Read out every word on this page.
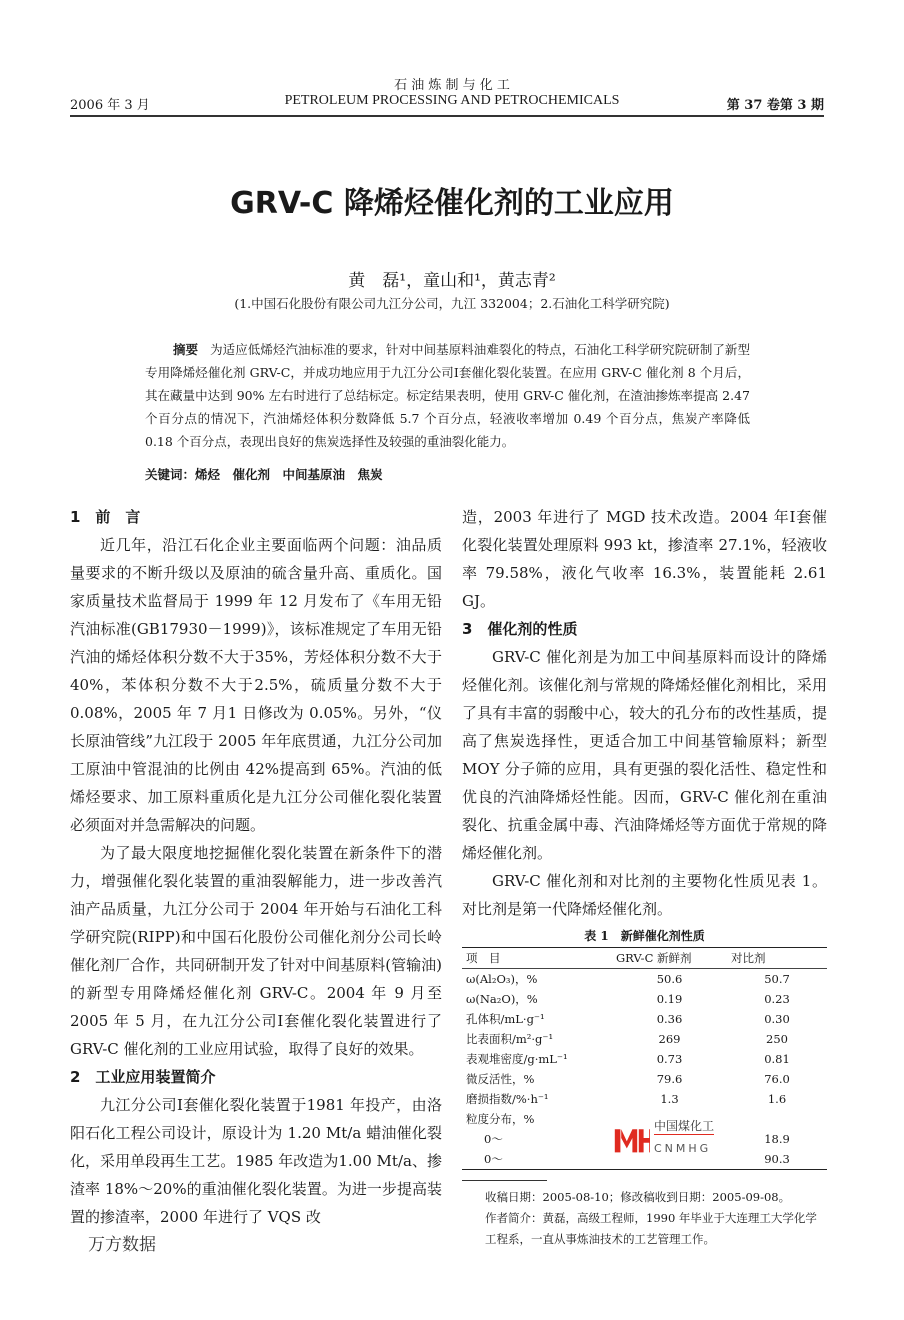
石 油 炼 制 与 化 工
PETROLEUM PROCESSING AND PETROCHEMICALS
2006 年 3 月	第 37 卷第 3 期
GRV-C 降烯烃催化剂的工业应用
黄　磊¹，童山和¹，黄志青²
(1.中国石化股份有限公司九江分公司，九江 332004；2.石油化工科学研究院)
摘要 为适应低烯烃汽油标准的要求，针对中间基原料油难裂化的特点，石油化工科学研究院研制了新型专用降烯烃催化剂 GRV-C，并成功地应用于九江分公司Ⅰ套催化裂化装置。在应用 GRV-C 催化剂 8 个月后，其在藏量中达到 90% 左右时进行了总结标定。标定结果表明，使用 GRV-C 催化剂，在渣油掺炼率提高 2.47 个百分点的情况下，汽油烯烃体积分数降低 5.7 个百分点，轻液收率增加 0.49 个百分点，焦炭产率降低 0.18 个百分点，表现出良好的焦炭选择性及较强的重油裂化能力。
关键词：烯烃　催化剂　中间基原油　焦炭
1　前　言

近几年，沿江石化企业主要面临两个问题：油品质量要求的不断升级以及原油的硫含量升高、重质化。国家质量技术监督局于 1999 年 12 月发布了《车用无铅汽油标准(GB17930－1999)》，该标准规定了车用无铅汽油的烯烃体积分数不大于35%，芳烃体积分数不大于 40%，苯体积分数不大于2.5%，硫质量分数不大于 0.08%，2005 年 7 月1 日修改为 0.05%。另外，“仪长原油管线”九江段于 2005 年年底贯通，九江分公司加工原油中管混油的比例由 42%提高到 65%。汽油的低烯烃要求、加工原料重质化是九江分公司催化裂化装置必须面对并急需解决的问题。

为了最大限度地挖掘催化裂化装置在新条件下的潜力，增强催化裂化装置的重油裂解能力，进一步改善汽油产品质量，九江分公司于 2004 年开始与石油化工科学研究院(RIPP)和中国石化股份公司催化剂分公司长岭催化剂厂合作，共同研制开发了针对中间基原料(管输油)的新型专用降烯烃催化剂 GRV-C。2004 年 9 月至 2005 年 5 月，在九江分公司Ⅰ套催化裂化装置进行了 GRV-C 催化剂的工业应用试验，取得了良好的效果。

2　工业应用装置简介

九江分公司Ⅰ套催化裂化装置于1981 年投产，由洛阳石化工程公司设计，原设计为 1.20 Mt/a 蜡油催化裂化，采用单段再生工艺。1985 年改造为1.00 Mt/a、掺渣率 18%～20%的重油催化裂化装置。为进一步提高装置的掺渣率，2000 年进行了 VQS 改

万方数据
造，2003 年进行了 MGD 技术改造。2004 年Ⅰ套催化裂化装置处理原料 993 kt，掺渣率 27.1%，轻液收率 79.58%，液化气收率 16.3%，装置能耗 2.61 GJ。
3　催化剂的性质

GRV-C 催化剂是为加工中间基原料而设计的降烯烃催化剂。该催化剂与常规的降烯烃催化剂相比，采用了具有丰富的弱酸中心，较大的孔分布的改性基质，提高了焦炭选择性，更适合加工中间基管输原料；新型 MOY 分子筛的应用，具有更强的裂化活性、稳定性和优良的汽油降烯烃性能。因而，GRV-C 催化剂在重油裂化、抗重金属中毒、汽油降烯烃等方面优于常规的降烯烃催化剂。

GRV-C 催化剂和对比剂的主要物化性质见表 1。对比剂是第一代降烯烃催化剂。

表 1　新鲜催化剂性质
项　目	GRV-C 新鲜剂	对比剂
ω(Al₂O₃)，%	50.6	50.7
ω(Na₂O)，%	0.19	0.23
孔体积/mL·g⁻¹	0.36	0.30
比表面积/m²·g⁻¹	269	250
表观堆密度/g·mL⁻¹	0.73	0.81
微反活性，%	79.6	76.0
磨损指数/%·h⁻¹	1.3	1.6
粒度分布，%		
0～		18.9
0～		90.3
中国煤化工
CNMHG
收稿日期：2005-08-10；修改稿收到日期：2005-09-08。
作者简介：黄磊，高级工程师，1990 年毕业于大连理工大学化学工程系，一直从事炼油技术的工艺管理工作。
